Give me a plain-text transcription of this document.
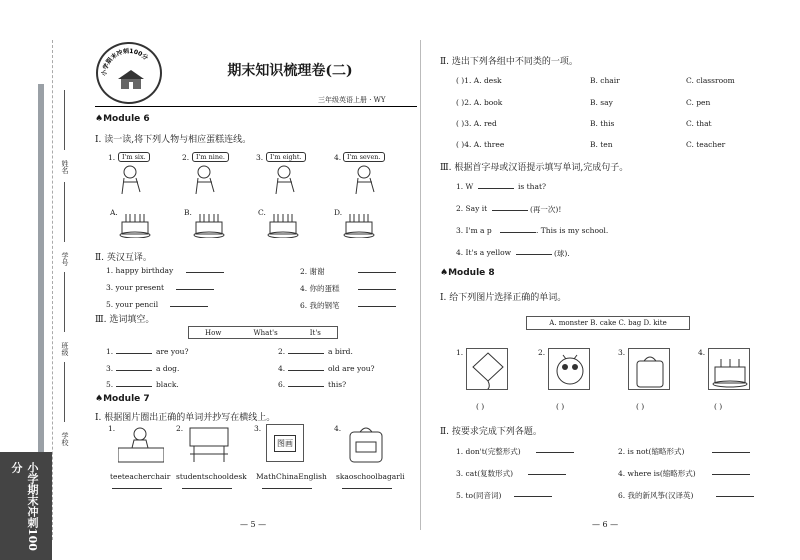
小学期末冲刺100分
姓名
学号
班级
学校
小学期末冲刺100分
期末知识梳理卷(二)
三年级英语上册 · WY
♠Module 6
Ⅰ. 读一读,将下列人物与相应蛋糕连线。
1.	I'm six.	2.	I'm nine.	3.	I'm eight.	4. I'm seven.
A.	B.	C.	D.
Ⅱ. 英汉互译。
1. happy birthday	2. 谢谢
3. your present	4. 你的蛋糕
5. your pencil	6. 我的钢笔
Ⅲ. 选词填空。
How	What's	It's
1.	are you?	2.	a bird.
3.	a dog.	4.	old are you?
5.	black.	6.	this?
♠Module 7
Ⅰ. 根据图片圈出正确的单词并抄写在横线上。
1.
teeteacherchair
2.
studentschooldesk
3.
图画
MathChinaEnglish
4.
skaoschoolbagarli
— 5 —
Ⅱ. 选出下列各组中不同类的一项。
( )1. A. desk	B. chair	C. classroom
( )2. A. book	B. say	C. pen
( )3. A. red	B. this	C. that
( )4. A. three	B. ten	C. teacher
Ⅲ. 根据首字母或汉语提示填写单词,完成句子。
1. W	is that?
2. Say it	(再一次)!
3. I'm a p	. This is my school.
4. It's a yellow	(球).
♠Module 8
Ⅰ. 给下列图片选择正确的单词。
A. monster B. cake C. bag D. kite
1.	2.	3.	4.
( )	( )	( )	( )
Ⅱ. 按要求完成下列各题。
1. don't(完整形式)	2. is not(缩略形式)
3. cat(复数形式)	4. where is(缩略形式)
5. to(同音词)	6. 我的新风筝(汉译英)
— 6 —
